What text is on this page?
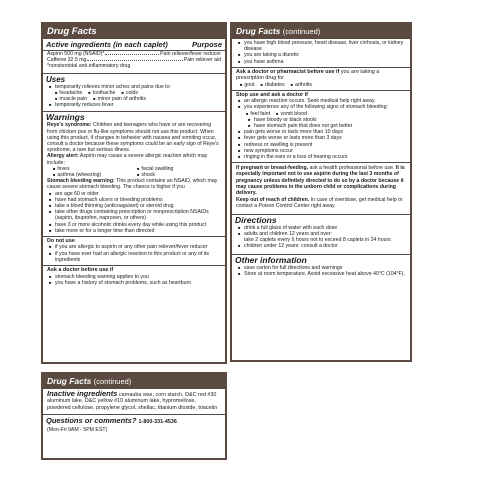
Drug Facts
Active ingredients (in each caplet)	Purpose
Aspirin 500 mg (NSAID)*	Pain reliever/fever reducer
Caffeine 32.5 mg	Pain reliever aid
*nonsteroidal anti-inflammatory drug
Uses
■ temporarily relieves minor aches and pains due to:
■ headache ■ toothache ■ colds
■ muscle pain ■ minor pain of arthritis
■ temporarily reduces fever
Warnings
Reye's syndrome: Children and teenagers who have or are recovering from chicken pox or flu-like symptoms should not use this product. When using this product, if changes in behavior with nausea and vomiting occur, consult a doctor because these symptoms could be an early sign of Reye's syndrome, a rare but serious illness.
Allergy alert: Aspirin may cause a severe allergic reaction which may include:
■ hives	■ facial swelling
■ asthma (wheezing)	■ shock
Stomach bleeding warning: This product contains an NSAID, which may cause severe stomach bleeding. The chance is higher if you
■ are age 60 or older
■ have had stomach ulcers or bleeding problems
■ take a blood thinning (anticoagulant) or steroid drug
■ take other drugs containing prescription or nonprescription NSAIDs (aspirin, ibuprofen, naproxen, or others)
■ have 3 or more alcoholic drinks every day while using this product
■ take more or for a longer time than directed
Do not use
■ if you are allergic to aspirin or any other pain reliever/fever reducer
■ if you have ever had an allergic reaction to this product or any of its ingredients
Ask a doctor before use if
■ stomach bleeding warning applies to you
■ you have a history of stomach problems, such as heartburn
Drug Facts (continued)
■ you have high blood pressure, heart disease, liver cirrhosis, or kidney disease
■ you are taking a diuretic
■ you have asthma
Ask a doctor or pharmacist before use if you are taking a prescription drug for
■ gout ■ diabetes ■ arthritis
Stop use and ask a doctor if
■ an allergic reaction occurs. Seek medical help right away.
■ you experience any of the following signs of stomach bleeding:
■ feel faint ■ vomit blood
■ have bloody or black stools
■ have stomach pain that does not get better
■ pain gets worse or lasts more than 10 days
■ fever gets worse or lasts more than 3 days
■ redness or swelling is present
■ new symptoms occur
■ ringing in the ears or a loss of hearing occurs
If pregnant or breast-feeding, ask a health professional before use. It is especially important not to use aspirin during the last 3 months of pregnancy unless definitely directed to do so by a doctor because it may cause problems in the unborn child or complications during delivery.
Keep out of reach of children. In case of overdose, get medical help or contact a Poison Control Center right away.
Directions
■ drink a full glass of water with each dose
■ adults and children 12 years and over:
take 2 caplets every 6 hours not to exceed 8 caplets in 24 hours
■ children under 12 years: consult a doctor
Other information
■ save carton for full directions and warnings
■ Store at room temperature. Avoid excessive heat above 40°C (104°F).
Drug Facts (continued)
Inactive ingredients carnauba wax, corn starch, D&C red #30 aluminum lake, D&C yellow #10 aluminum lake, hypromellose, powdered cellulose, propylene glycol, shellac, titanium dioxide, triacetin
Questions or comments? 1-800-331-4536
(Mon-Fri 9AM - 5PM EST)
